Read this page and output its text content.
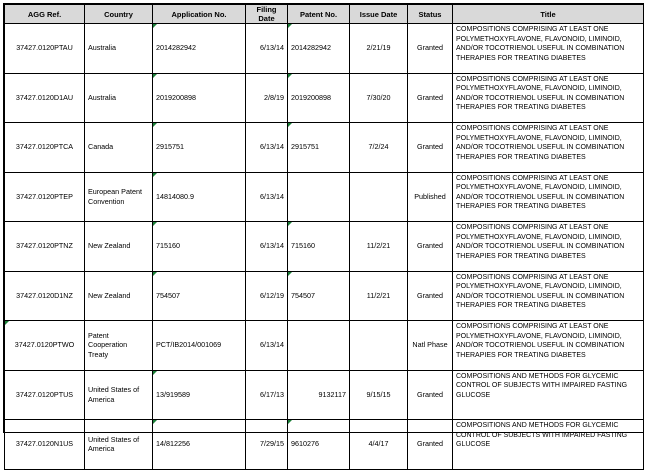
AGG Ref.	Country	Application No.	Filing Date	Patent No.	Issue Date	Status	Title
37427.0120PTAU	Australia	2014282942	6/13/14	2014282942	2/21/19	Granted	COMPOSITIONS COMPRISING AT LEAST ONE POLYMETHOXYFLAVONE, FLAVONOID, LIMINOID, AND/OR TOCOTRIENOL USEFUL IN COMBINATION THERAPIES FOR TREATING DIABETES
37427.0120D1AU	Australia	2019200898	2/8/19	2019200898	7/30/20	Granted	COMPOSITIONS COMPRISING AT LEAST ONE POLYMETHOXYFLAVONE, FLAVONOID, LIMINOID, AND/OR TOCOTRIENOL USEFUL IN COMBINATION THERAPIES FOR TREATING DIABETES
37427.0120PTCA	Canada	2915751	6/13/14	2915751	7/2/24	Granted	COMPOSITIONS COMPRISING AT LEAST ONE POLYMETHOXYFLAVONE, FLAVONOID, LIMINOID, AND/OR TOCOTRIENOL USEFUL IN COMBINATION THERAPIES FOR TREATING DIABETES
37427.0120PTEP	European Patent Convention	14814080.9	6/13/14			Published	COMPOSITIONS COMPRISING AT LEAST ONE POLYMETHOXYFLAVONE, FLAVONOID, LIMINOID, AND/OR TOCOTRIENOL USEFUL IN COMBINATION THERAPIES FOR TREATING DIABETES
37427.0120PTNZ	New Zealand	715160	6/13/14	715160	11/2/21	Granted	COMPOSITIONS COMPRISING AT LEAST ONE POLYMETHOXYFLAVONE, FLAVONOID, LIMINOID, AND/OR TOCOTRIENOL USEFUL IN COMBINATION THERAPIES FOR TREATING DIABETES
37427.0120D1NZ	New Zealand	754507	6/12/19	754507	11/2/21	Granted	COMPOSITIONS COMPRISING AT LEAST ONE POLYMETHOXYFLAVONE, FLAVONOID, LIMINOID, AND/OR TOCOTRIENOL USEFUL IN COMBINATION THERAPIES FOR TREATING DIABETES
37427.0120PTWO	Patent Cooperation Treaty	PCT/IB2014/001069	6/13/14			Natl Phase	COMPOSITIONS COMPRISING AT LEAST ONE POLYMETHOXYFLAVONE, FLAVONOID, LIMINOID, AND/OR TOCOTRIENOL USEFUL IN COMBINATION THERAPIES FOR TREATING DIABETES
37427.0120PTUS	United States of America	13/919589	6/17/13	9132117	9/15/15	Granted	COMPOSITIONS AND METHODS FOR GLYCEMIC CONTROL OF SUBJECTS WITH IMPAIRED FASTING GLUCOSE
37427.0120N1US	United States of America	14/812256	7/29/15	9610276	4/4/17	Granted	COMPOSITIONS AND METHODS FOR GLYCEMIC CONTROL OF SUBJECTS WITH IMPAIRED FASTING GLUCOSE
